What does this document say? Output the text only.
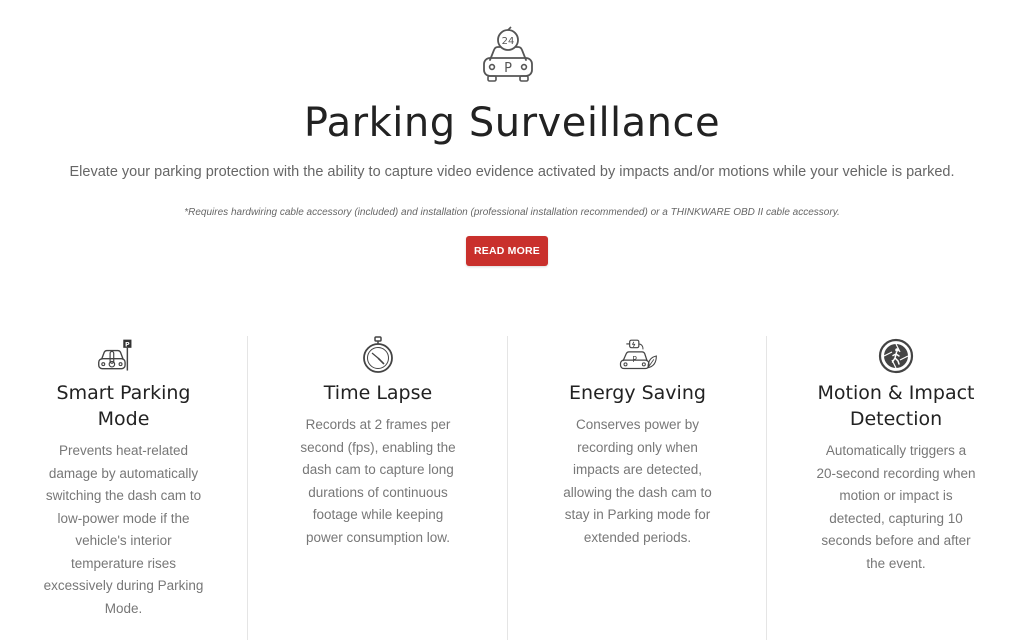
24
P
Parking Surveillance
Elevate your parking protection with the ability to capture video evidence activated by impacts and/or motions while your vehicle is parked.
*Requires hardwiring cable accessory (included) and installation (professional installation recommended) or a THINKWARE OBD II cable accessory.
READ MORE
P
Smart Parking Mode

Prevents heat-related damage by automatically switching the dash cam to low-power mode if the vehicle's interior temperature rises excessively during Parking Mode.

Time Lapse

Records at 2 frames per second (fps), enabling the dash cam to capture long durations of continuous footage while keeping power consumption low.

P
Energy Saving

Conserves power by recording only when impacts are detected, allowing the dash cam to stay in Parking mode for extended periods.

Motion & Impact Detection

Automatically triggers a 20-second recording when motion or impact is detected, capturing 10 seconds before and after the event.
